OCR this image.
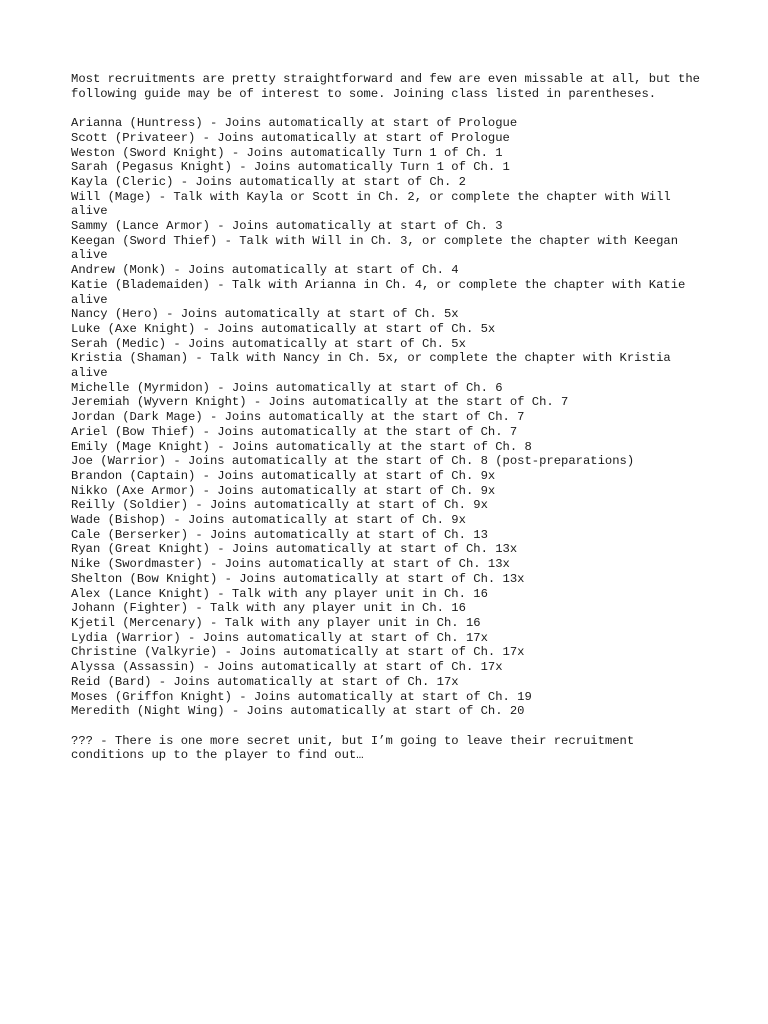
Most recruitments are pretty straightforward and few are even missable at all, but the following guide may be of interest to some. Joining class listed in parentheses.

Arianna (Huntress) - Joins automatically at start of Prologue
Scott (Privateer) - Joins automatically at start of Prologue
Weston (Sword Knight) - Joins automatically Turn 1 of Ch. 1
Sarah (Pegasus Knight) - Joins automatically Turn 1 of Ch. 1
Kayla (Cleric) - Joins automatically at start of Ch. 2
Will (Mage) - Talk with Kayla or Scott in Ch. 2, or complete the chapter with Will alive
Sammy (Lance Armor) - Joins automatically at start of Ch. 3
Keegan (Sword Thief) - Talk with Will in Ch. 3, or complete the chapter with Keegan alive
Andrew (Monk) - Joins automatically at start of Ch. 4
Katie (Blademaiden) - Talk with Arianna in Ch. 4, or complete the chapter with Katie alive
Nancy (Hero) - Joins automatically at start of Ch. 5x
Luke (Axe Knight) - Joins automatically at start of Ch. 5x
Serah (Medic) - Joins automatically at start of Ch. 5x
Kristia (Shaman) - Talk with Nancy in Ch. 5x, or complete the chapter with Kristia alive
Michelle (Myrmidon) - Joins automatically at start of Ch. 6
Jeremiah (Wyvern Knight) - Joins automatically at the start of Ch. 7
Jordan (Dark Mage) - Joins automatically at the start of Ch. 7
Ariel (Bow Thief) - Joins automatically at the start of Ch. 7
Emily (Mage Knight) - Joins automatically at the start of Ch. 8
Joe (Warrior) - Joins automatically at the start of Ch. 8 (post-preparations)
Brandon (Captain) - Joins automatically at start of Ch. 9x
Nikko (Axe Armor) - Joins automatically at start of Ch. 9x
Reilly (Soldier) - Joins automatically at start of Ch. 9x
Wade (Bishop) - Joins automatically at start of Ch. 9x
Cale (Berserker) - Joins automatically at start of Ch. 13
Ryan (Great Knight) - Joins automatically at start of Ch. 13x
Nike (Swordmaster) - Joins automatically at start of Ch. 13x
Shelton (Bow Knight) - Joins automatically at start of Ch. 13x
Alex (Lance Knight) - Talk with any player unit in Ch. 16
Johann (Fighter) - Talk with any player unit in Ch. 16
Kjetil (Mercenary) - Talk with any player unit in Ch. 16
Lydia (Warrior) - Joins automatically at start of Ch. 17x
Christine (Valkyrie) - Joins automatically at start of Ch. 17x
Alyssa (Assassin) - Joins automatically at start of Ch. 17x
Reid (Bard) - Joins automatically at start of Ch. 17x
Moses (Griffon Knight) - Joins automatically at start of Ch. 19
Meredith (Night Wing) - Joins automatically at start of Ch. 20

??? - There is one more secret unit, but I’m going to leave their recruitment conditions up to the player to find out…
